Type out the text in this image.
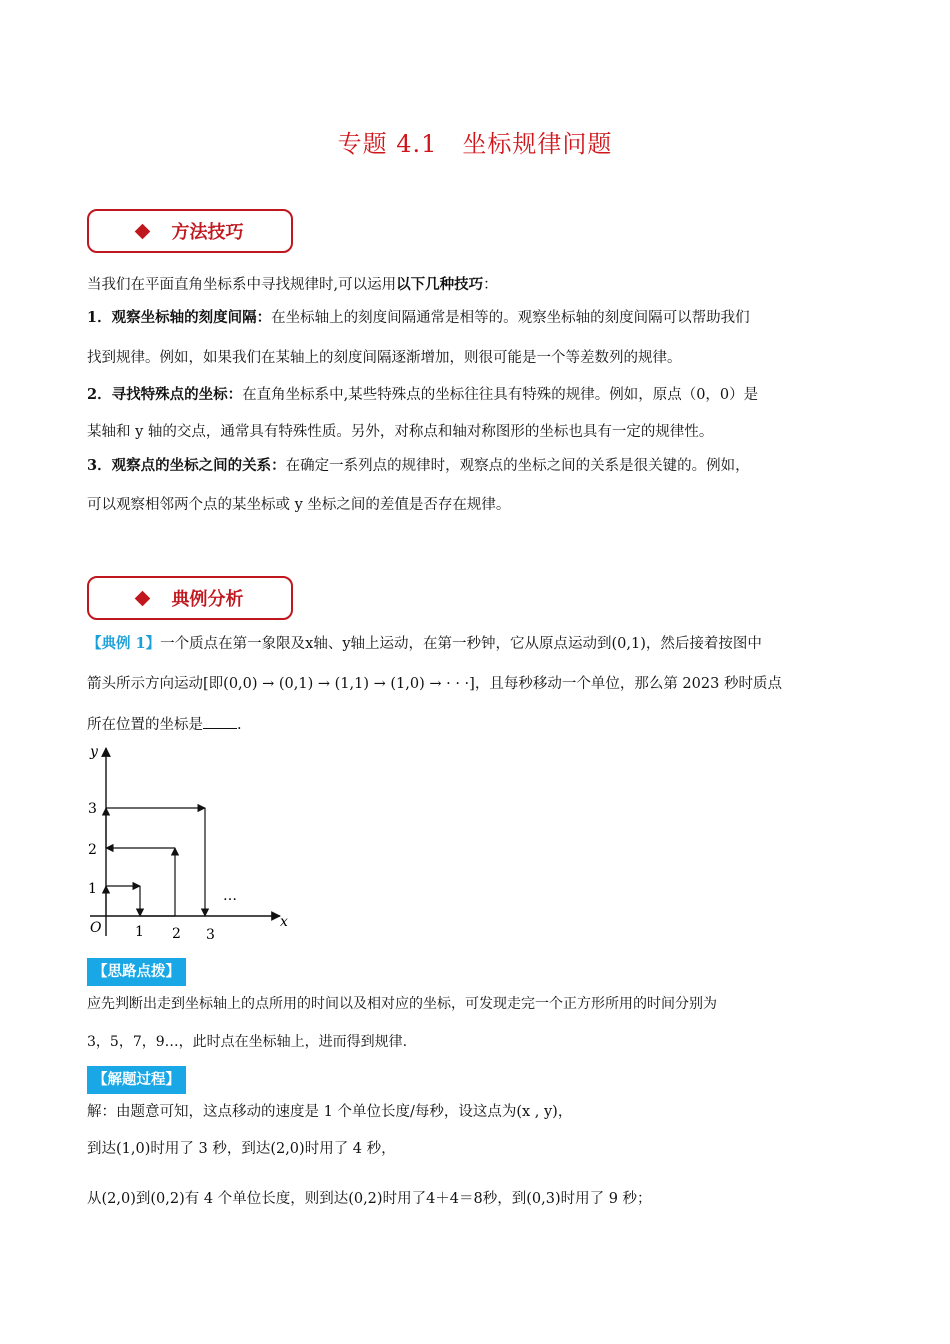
专题 4.1　坐标规律问题
方法技巧
当我们在平面直角坐标系中寻找规律时,可以运用以下几种技巧：
1．观察坐标轴的刻度间隔：在坐标轴上的刻度间隔通常是相等的。观察坐标轴的刻度间隔可以帮助我们
找到规律。例如，如果我们在某轴上的刻度间隔逐渐增加，则很可能是一个等差数列的规律。
2．寻找特殊点的坐标：在直角坐标系中,某些特殊点的坐标往往具有特殊的规律。例如，原点（0，0）是
某轴和 y 轴的交点，通常具有特殊性质。另外，对称点和轴对称图形的坐标也具有一定的规律性。
3．观察点的坐标之间的关系：在确定一系列点的规律时，观察点的坐标之间的关系是很关键的。例如，
可以观察相邻两个点的某坐标或 y 坐标之间的差值是否存在规律。
典例分析
【典例 1】一个质点在第一象限及x轴、y轴上运动，在第一秒钟，它从原点运动到(0,1)，然后接着按图中
箭头所示方向运动[即(0,0) → (0,1) → (1,1) → (1,0) → · · ·]，且每秒移动一个单位，那么第 2023 秒时质点
所在位置的坐标是 .
y
x
O 1 2 3
1
2
3
…
【思路点拨】
应先判断出走到坐标轴上的点所用的时间以及相对应的坐标，可发现走完一个正方形所用的时间分别为
3，5，7，9…，此时点在坐标轴上，进而得到规律.
【解题过程】
解：由题意可知，这点移动的速度是 1 个单位长度/每秒，设这点为(x , y)，
到达(1,0)时用了 3 秒，到达(2,0)时用了 4 秒，
从(2,0)到(0,2)有 4 个单位长度，则到达(0,2)时用了4＋4＝8秒，到(0,3)时用了 9 秒；
